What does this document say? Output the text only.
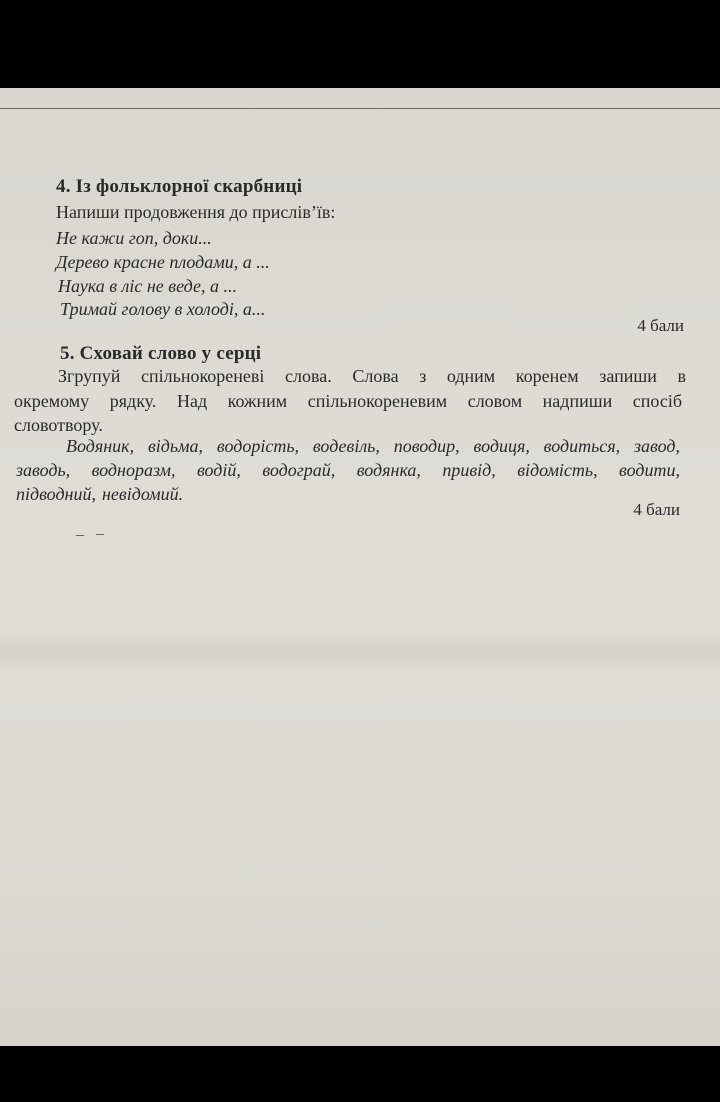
4. Із фольклорної скарбниці
Напиши продовження до прислів’їв:
Не кажи гоп, доки...
Дерево красне плодами, а ...
Наука в ліс не веде, а ...
Тримай голову в холоді, а...
4 бали
5. Сховай слово у серці
Згрупуй спільнокореневі слова. Слова з одним коренем запиши в
окремому рядку. Над кожним спільнокореневим словом надпиши спосіб
словотвору.
Водяник, відьма, водорість, водевіль, поводир, водиця, водиться, завод,
заводь, водноразм, водій, водограй, водянка, привід, відомість, водити,
підводний, невідомий.
4 бали
